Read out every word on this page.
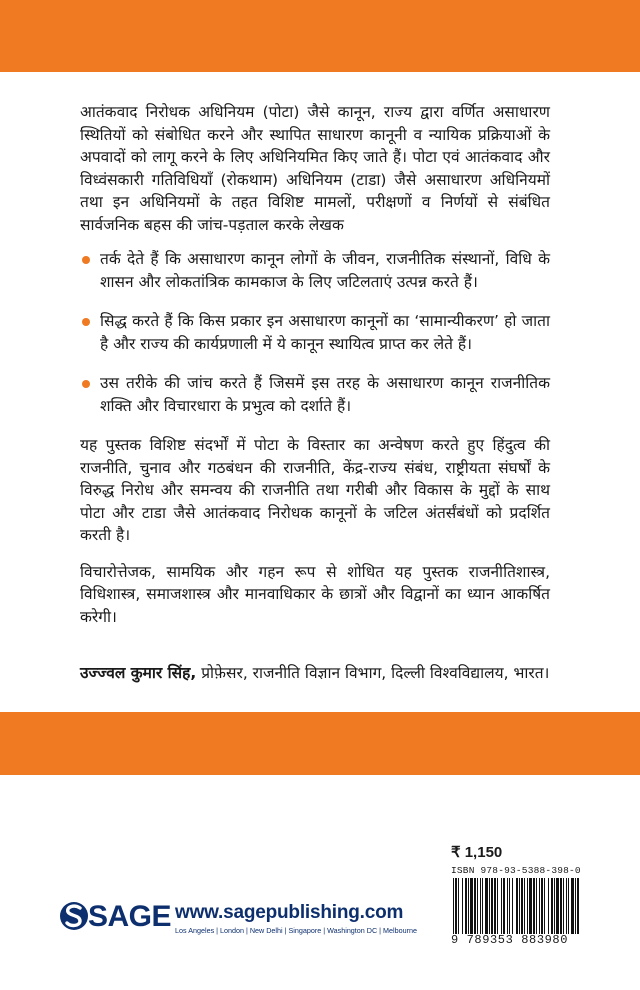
आतंकवाद निरोधक अधिनियम (पोटा) जैसे कानून, राज्य द्वारा वर्णित असाधारण स्थितियों को संबोधित करने और स्थापित साधारण कानूनी व न्यायिक प्रक्रियाओं के अपवादों को लागू करने के लिए अधिनियमित किए जाते हैं। पोटा एवं आतंकवाद और विध्वंसकारी गतिविधियाँ (रोकथाम) अधिनियम (टाडा) जैसे असाधारण अधिनियमों तथा इन अधिनियमों के तहत विशिष्ट मामलों, परीक्षणों व निर्णयों से संबंधित सार्वजनिक बहस की जांच-पड़ताल करके लेखक

तर्क देते हैं कि असाधारण कानून लोगों के जीवन, राजनीतिक संस्थानों, विधि के शासन और लोकतांत्रिक कामकाज के लिए जटिलताएं उत्पन्न करते हैं।
सिद्ध करते हैं कि किस प्रकार इन असाधारण कानूनों का ‘सामान्यीकरण’ हो जाता है और राज्य की कार्यप्रणाली में ये कानून स्थायित्व प्राप्त कर लेते हैं।
उस तरीके की जांच करते हैं जिसमें इस तरह के असाधारण कानून राजनीतिक शक्ति और विचारधारा के प्रभुत्व को दर्शाते हैं।

यह पुस्तक विशिष्ट संदर्भों में पोटा के विस्तार का अन्वेषण करते हुए हिंदुत्व की राजनीति, चुनाव और गठबंधन की राजनीति, केंद्र-राज्य संबंध, राष्ट्रीयता संघर्षों के विरुद्ध निरोध और समन्वय की राजनीति तथा गरीबी और विकास के मुद्दों के साथ पोटा और टाडा जैसे आतंकवाद निरोधक कानूनों के जटिल अंतर्संबंधों को प्रदर्शित करती है।

विचारोत्तेजक, सामयिक और गहन रूप से शोधित यह पुस्तक राजनीतिशास्त्र, विधिशास्त्र, समाजशास्त्र और मानवाधिकार के छात्रों और विद्वानों का ध्यान आकर्षित करेगी।

उज्ज्वल कुमार सिंह, प्रोफ़ेसर, राजनीति विज्ञान विभाग, दिल्ली विश्वविद्यालय, भारत।

₹ 1,150
ISBN 978-93-5388-398-0
9 789353 883980
SAGE www.sagepublishing.com
Los Angeles | London | New Delhi | Singapore | Washington DC | Melbourne
